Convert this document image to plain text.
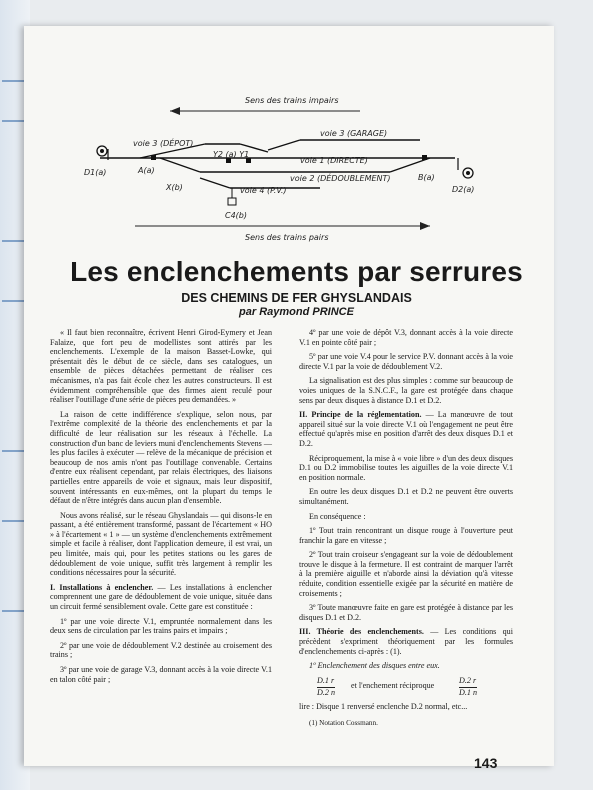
Sens des trains impairs
voie 3 (DÉPOT)
voie 3 (GARAGE)
voie 1 (DIRECTE)
voie 2 (DÉDOUBLEMENT)
voie 4 (P.V.)
Y2 (a) Y1
A(a)
B(a)
X(b)
C4(b)
D1(a)
D2(a)
Sens des trains pairs
Les enclenchements par serrures
DES CHEMINS DE FER GHYSLANDAIS
par Raymond PRINCE

« Il faut bien reconnaître, écrivent Henri Girod-Eymery et Jean Falaize, que fort peu de modellistes sont attirés par les enclenchements. L'exemple de la maison Basset-Lowke, qui présentait dès le début de ce siècle, dans ses catalogues, un ensemble de pièces détachées permettant de réaliser ces mécanismes, n'a pas fait école chez les autres constructeurs. Il est évidemment compréhensible que des firmes aient reculé pour réaliser l'outillage d'une série de pièces peu demandées. »

La raison de cette indifférence s'explique, selon nous, par l'extrême complexité de la théorie des enclenchements et par la difficulté de leur réalisation sur les réseaux à l'échelle. La construction d'un banc de leviers muni d'enclenchements Stevens — les plus faciles à exécuter — relève de la mécanique de précision et beaucoup de nos amis n'ont pas l'outillage convenable. Certains d'entre eux réalisent cependant, par relais électriques, des liaisons partielles entre appareils de voie et signaux, mais leur dispositif, souvent intéressants en eux-mêmes, ont la plupart du temps le défaut de n'être intégrés dans aucun plan d'ensemble.

Nous avons réalisé, sur le réseau Ghyslandais — qui disons-le en passant, a été entièrement transformé, passant de l'écartement « HO » à l'écartement « 1 » — un système d'enclenchements extrêmement simple et facile à réaliser, dont l'application demeure, il est vrai, un peu limitée, mais qui, pour les petites stations ou les gares de dédoublement de voie unique, suffit très largement à remplir les conditions nécessaires pour la sécurité.

I. Installations à enclencher. — Les installations à enclencher comprennent une gare de dédoublement de voie unique, située dans un circuit fermé sensiblement ovale. Cette gare est constituée :

1º par une voie directe V.1, empruntée normalement dans les deux sens de circulation par les trains pairs et impairs ;

2º par une voie de dédoublement V.2 destinée au croisement des trains ;

3º par une voie de garage V.3, donnant accès à la voie directe V.1 en talon côté pair ;

4º par une voie de dépôt V.3, donnant accès à la voie directe V.1 en pointe côté pair ;

5º par une voie V.4 pour le service P.V. donnant accès à la voie directe V.1 par la voie de dédoublement V.2.

La signalisation est des plus simples : comme sur beaucoup de voies uniques de la S.N.C.F., la gare est protégée dans chaque sens par deux disques à distance D.1 et D.2.

II. Principe de la réglementation. — La manœuvre de tout appareil situé sur la voie directe V.1 où l'engagement ne peut être effectué qu'après mise en position d'arrêt des deux disques D.1 et D.2.

Réciproquement, la mise à « voie libre » d'un des deux disques D.1 ou D.2 immobilise toutes les aiguilles de la voie directe V.1 en position normale.

En outre les deux disques D.1 et D.2 ne peuvent être ouverts simultanément.

En conséquence :

1º Tout train rencontrant un disque rouge à l'ouverture peut franchir la gare en vitesse ;

2º Tout train croiseur s'engageant sur la voie de dédoublement trouve le disque à la fermeture. Il est contraint de marquer l'arrêt à la première aiguille et n'aborde ainsi la déviation qu'à vitesse réduite, condition essentielle exigée par la sécurité en matière de croisements ;

3º Toute manœuvre faite en gare est protégée à distance par les disques D.1 et D.2.

III. Théorie des enclenchements. — Les conditions qui précèdent s'expriment théoriquement par les formules d'enclenchements ci-après : (1).

1º Enclenchement des disques entre eux.

D.1 r
D.2 n
et l'enchement réciproque
D.2 r
D.1 n

lire : Disque 1 renversé enclenche D.2 normal, etc...

(1) Notation Cossmann.
143
